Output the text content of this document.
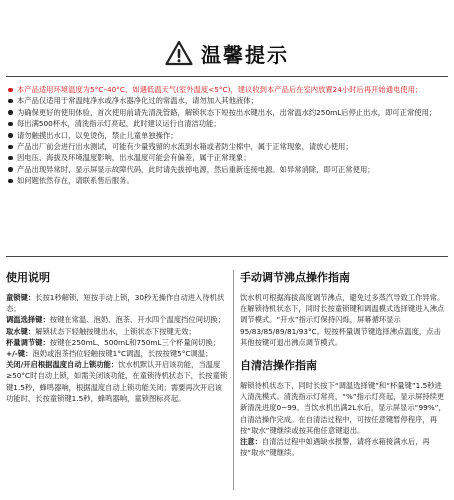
温馨提示
本产品适用环境温度为5°C–40°C，如遇低温天气(室外温度<5°C)，建议收到本产品后在室内放置24小时后再开始通电使用；
本产品仅适用于常温纯净水或净水器净化过的常温水，请勿加入其他液体；
为确保更好的使用体验，首次使用前请先清洗管路，解锁状态下短按出水键出水，出常温水约250mL后停止出水，即可正常使用；
每出满500杯水，清洗指示灯亮起，此时建议运行自清洁功能；
请勿触摸出水口，以免烫伤，禁止儿童单独操作；
产品出厂前会进行出水测试，可能有少量残留的水流到水箱或者防尘棉中，属于正常现象，请放心使用；
因电压、海拔及环境温度影响，出水温度可能会有偏差，属于正常现象；
产品出现异常时，显示屏显示故障代码，此时请先拔掉电源，然后重新连接电源。如异常消除，即可正常使用；
如问题依然存在，请联系售后服务。
使用说明

童锁键：长按1秒解锁，短按手动上锁，30秒无操作自动进入待机状态；

调温选择键：按键在常温、泡奶、泡茶、开水四个温度挡位间切换；

取水键：解锁状态下轻触按键出水，上锁状态下按键无效；

杯量调节键：按键在250mL、500mL和750mL三个杯量间切换；

+/-键：泡奶或泡茶挡位轻触按键1°C调温，长按按键5°C调温；

关闭/开启根据温度自动上锁功能：饮水机默认开启该功能，当温度≥50°C时自动上锁，如需关闭该功能，在童锁待机状态下，长按童锁键1.5秒，蜂鸣器响，根据温度自动上锁功能关闭；需要再次开启该功能时，长按童锁键1.5秒，蜂鸣器响，童锁图标亮起。

手动调节沸点操作指南

饮水机可根据海拔高度调节沸点，避免过多蒸汽导致工作异常。在解锁待机状态下，同时长按童锁键和调温模式选择键进入沸点调节模式。“开水”指示灯保持闪烁，屏幕循环显示95/83/85/89/81/93°C。短按杯量调节键选择沸点温度，点击其他按键可退出沸点调节模式。

自清洁操作指南

解锁待机状态下，同时长按下“调温选择键”和“杯量键”1.5秒进入清洗模式。清洗指示灯常亮，“%”指示灯亮起，显示屏持续更新清洗进度0~99。当饮水机出满2L水后，显示屏显示“99%”，自清洁操作完成。在自清洁过程中，可按任意键暂停程序，再按“取水”键继续或按其他任意键退出。

注意：自清洁过程中如遇缺水报警，请将水箱接满水后，再按“取水”键继续。
